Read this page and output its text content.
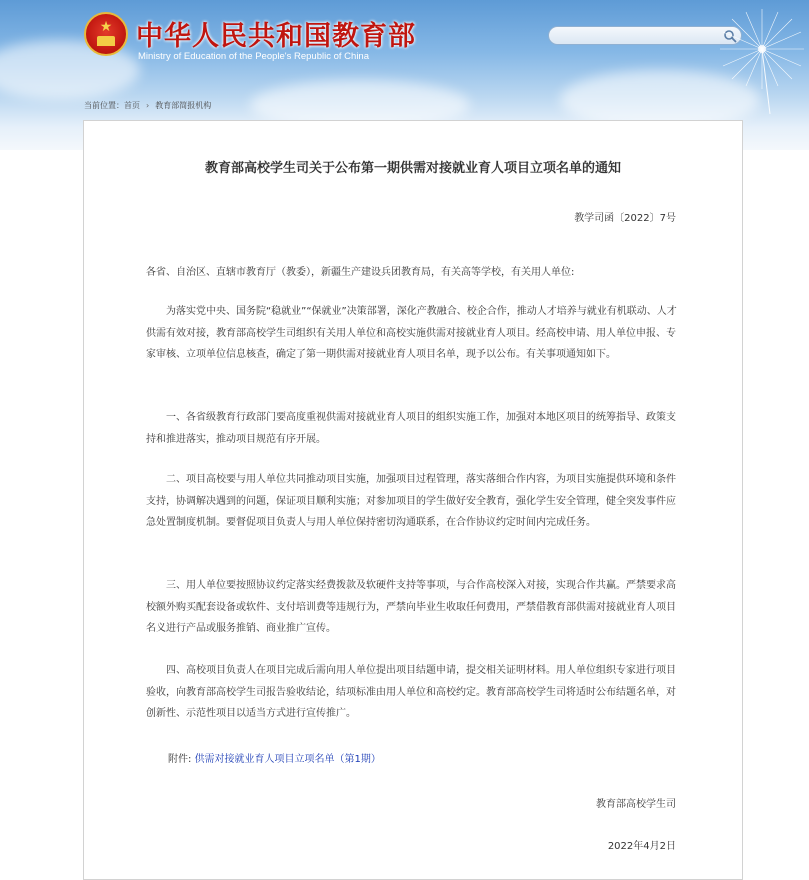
★ 中华人民共和国教育部
Ministry of Education of the People's Republic of China
当前位置：首页 › 教育部简报机构
教育部高校学生司关于公布第一期供需对接就业育人项目立项名单的通知
教学司函〔2022〕7号
各省、自治区、直辖市教育厅（教委），新疆生产建设兵团教育局，有关高等学校，有关用人单位:

为落实党中央、国务院“稳就业”“保就业”决策部署，深化产教融合、校企合作，推动人才培养与就业有机联动、人才供需有效对接，教育部高校学生司组织有关用人单位和高校实施供需对接就业育人项目。经高校申请、用人单位申报、专家审核、立项单位信息核查，确定了第一期供需对接就业育人项目名单，现予以公布。有关事项通知如下。

一、各省级教育行政部门要高度重视供需对接就业育人项目的组织实施工作，加强对本地区项目的统筹指导、政策支持和推进落实，推动项目规范有序开展。

二、项目高校要与用人单位共同推动项目实施，加强项目过程管理，落实落细合作内容，为项目实施提供环境和条件支持，协调解决遇到的问题，保证项目顺利实施；对参加项目的学生做好安全教育，强化学生安全管理，健全突发事件应急处置制度机制。要督促项目负责人与用人单位保持密切沟通联系，在合作协议约定时间内完成任务。

三、用人单位要按照协议约定落实经费拨款及软硬件支持等事项，与合作高校深入对接，实现合作共赢。严禁要求高校额外购买配套设备或软件、支付培训费等违规行为，严禁向毕业生收取任何费用，严禁借教育部供需对接就业育人项目名义进行产品或服务推销、商业推广宣传。

四、高校项目负责人在项目完成后需向用人单位提出项目结题申请，提交相关证明材料。用人单位组织专家进行项目验收，向教育部高校学生司报告验收结论，结项标准由用人单位和高校约定。教育部高校学生司将适时公布结题名单，对创新性、示范性项目以适当方式进行宣传推广。

附件: 供需对接就业育人项目立项名单（第1期）
教育部高校学生司
2022年4月2日
